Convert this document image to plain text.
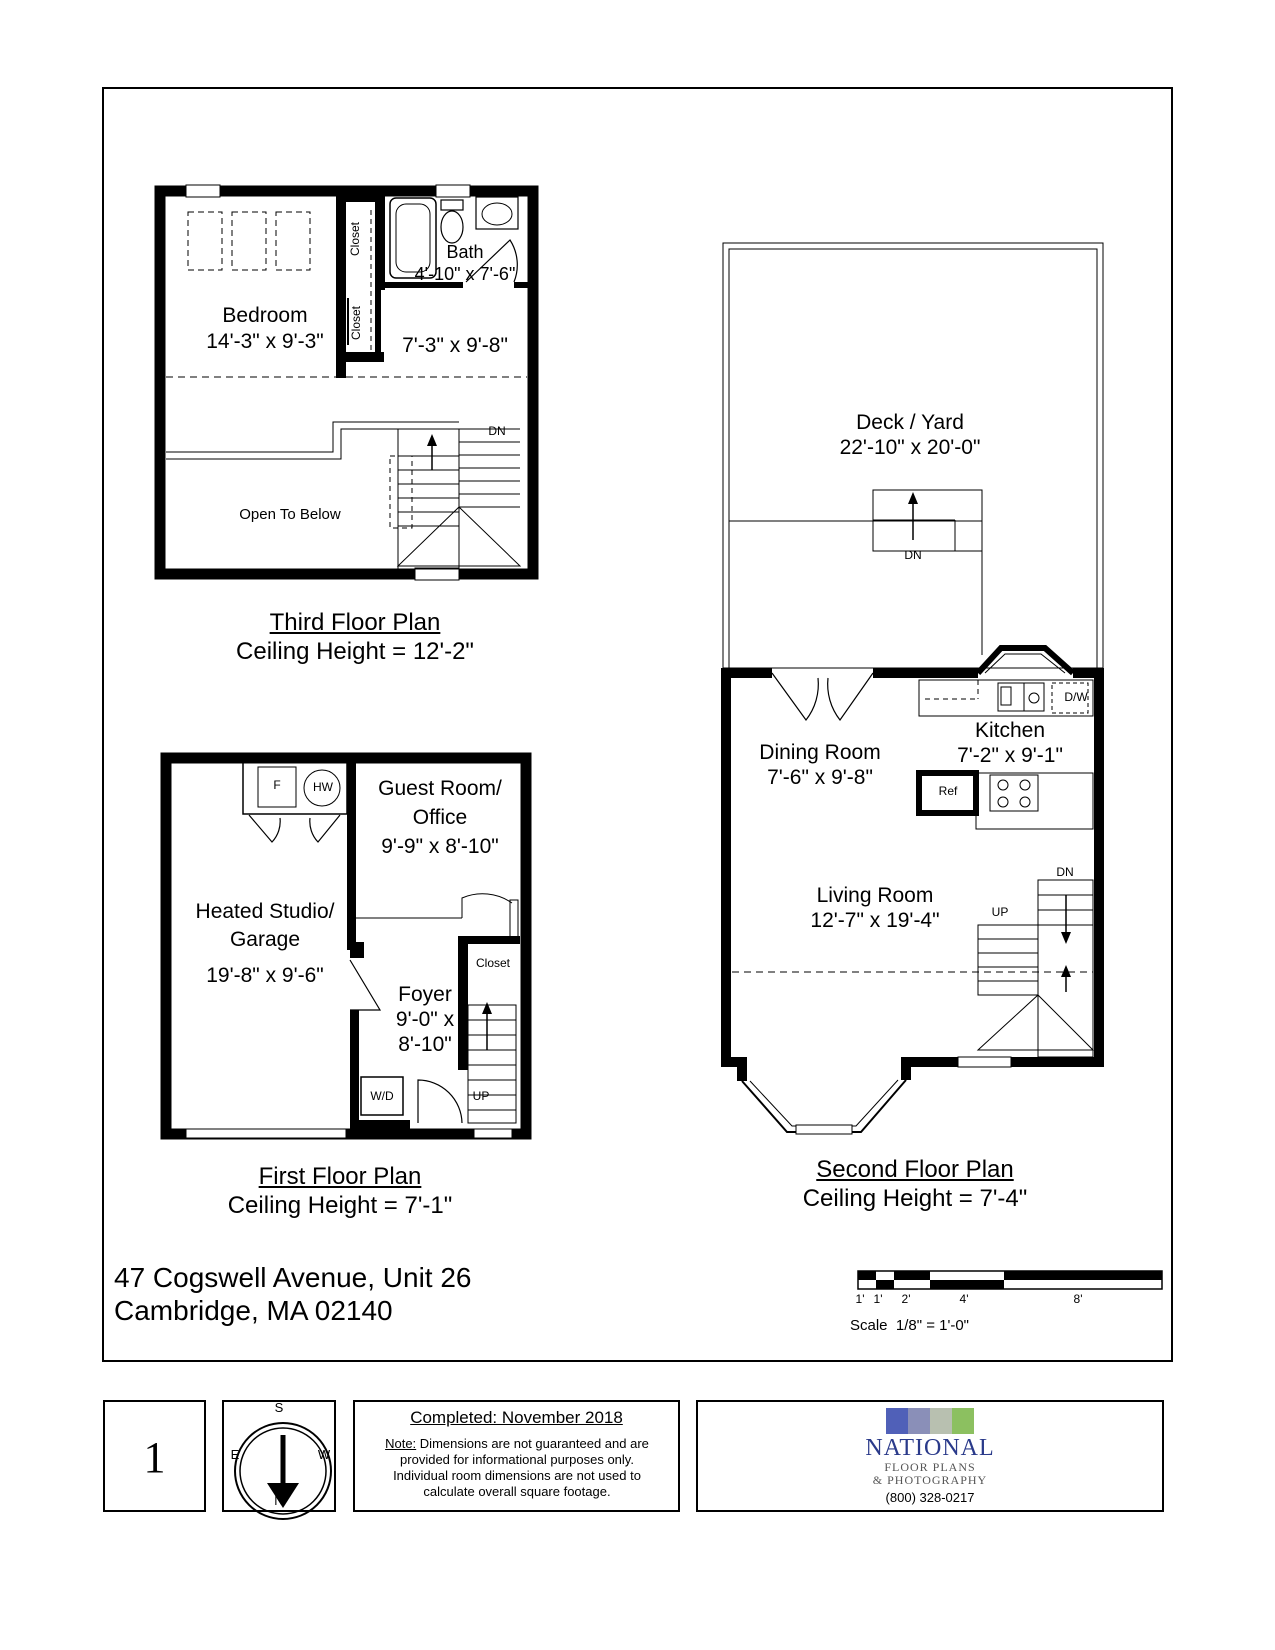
Bedroom
14'-3" x 9'-3"
Closet
Closet
Bath
4'-10" x 7'-6"
7'-3" x 9'-8"
Open To Below
DN
Third Floor Plan
Ceiling Height = 12'-2"
Deck / Yard
22'-10" x 20'-0"
DN
D/W
Kitchen
7'-2" x 9'-1"
Ref
Dining Room
7'-6" x 9'-8"
Living Room
12'-7" x 19'-4"	UP
DN
Second Floor Plan
Ceiling Height = 7'-4"
Heated Studio/
Garage
19'-8" x 9'-6"
F	HW	Guest Room/
Office
9'-9" x 8'-10"
Closet
Foyer
9'-0" x
8'-10"
W/D	UP
First Floor Plan
Ceiling Height = 7'-1"
47 Cogswell Avenue, Unit 26
Cambridge, MA 02140	1' 1'	2'	4'	8'
Scale  1/8" = 1'-0"
1
S
N
E	W
Completed: November 2018
Note: Dimensions are not guaranteed and are
provided for informational purposes only.
Individual room dimensions are not used to
calculate overall square footage.
NATIONAL
FLOOR PLANS
& PHOTOGRAPHY
(800) 328-0217
